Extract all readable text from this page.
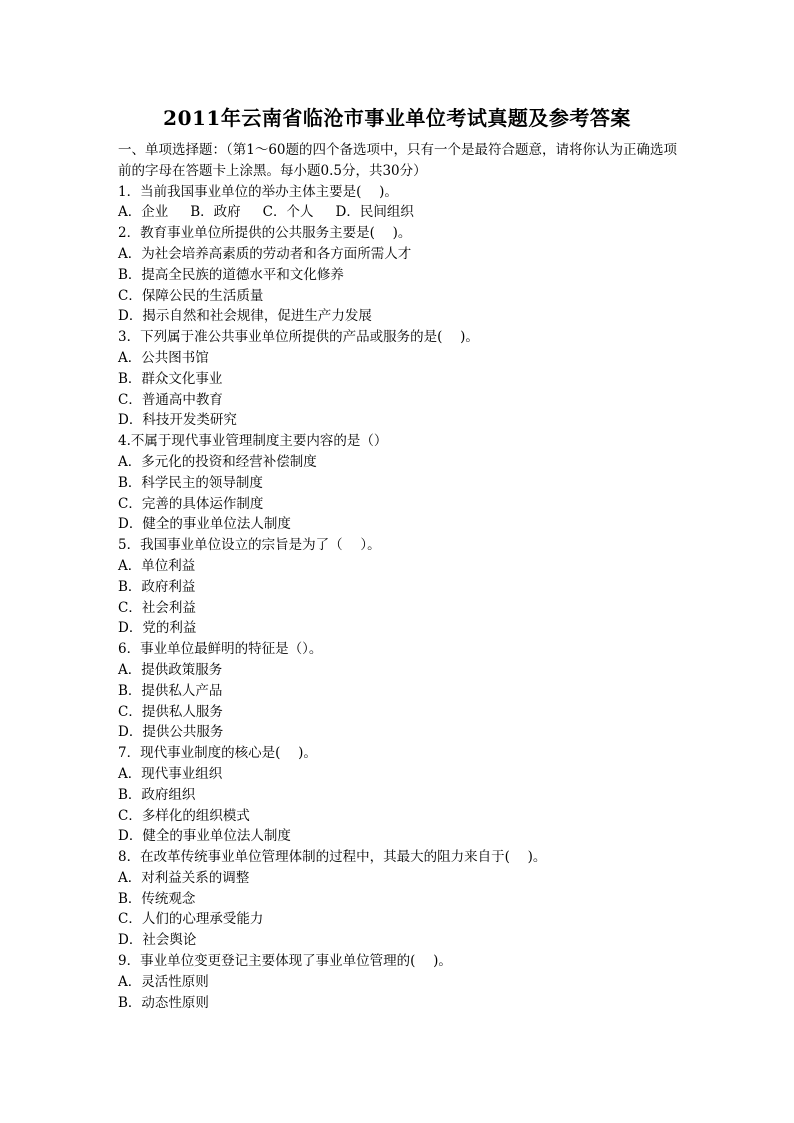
2011年云南省临沧市事业单位考试真题及参考答案

一、单项选择题：（第1～60题的四个备选项中，只有一个是最符合题意，请将你认为正确选项前的字母在答题卡上涂黑。每小题0.5分，共30分）

1．当前我国事业单位的举办主体主要是(　 )。

A．企业 B．政府 C．个人 D．民间组织

2．教育事业单位所提供的公共服务主要是(　 )。

A．为社会培养高素质的劳动者和各方面所需人才

B．提高全民族的道德水平和文化修养

C．保障公民的生活质量

D．揭示自然和社会规律，促进生产力发展

3．下列属于准公共事业单位所提供的产品或服务的是(　 )。

A．公共图书馆

B．群众文化事业

C．普通高中教育

D．科技开发类研究

4.不属于现代事业管理制度主要内容的是（）

A．多元化的投资和经营补偿制度

B．科学民主的领导制度

C．完善的具体运作制度

D．健全的事业单位法人制度

5．我国事业单位设立的宗旨是为了（　 ）。

A．单位利益

B．政府利益

C．社会利益

D．党的利益

6．事业单位最鲜明的特征是（）。

A．提供政策服务

B．提供私人产品

C．提供私人服务

D．提供公共服务

7．现代事业制度的核心是(　 )。

A．现代事业组织

B．政府组织

C．多样化的组织模式

D．健全的事业单位法人制度

8．在改革传统事业单位管理体制的过程中，其最大的阻力来自于(　 )。

A．对利益关系的调整

B．传统观念

C．人们的心理承受能力

D．社会舆论

9．事业单位变更登记主要体现了事业单位管理的(　 )。

A．灵活性原则

B．动态性原则
